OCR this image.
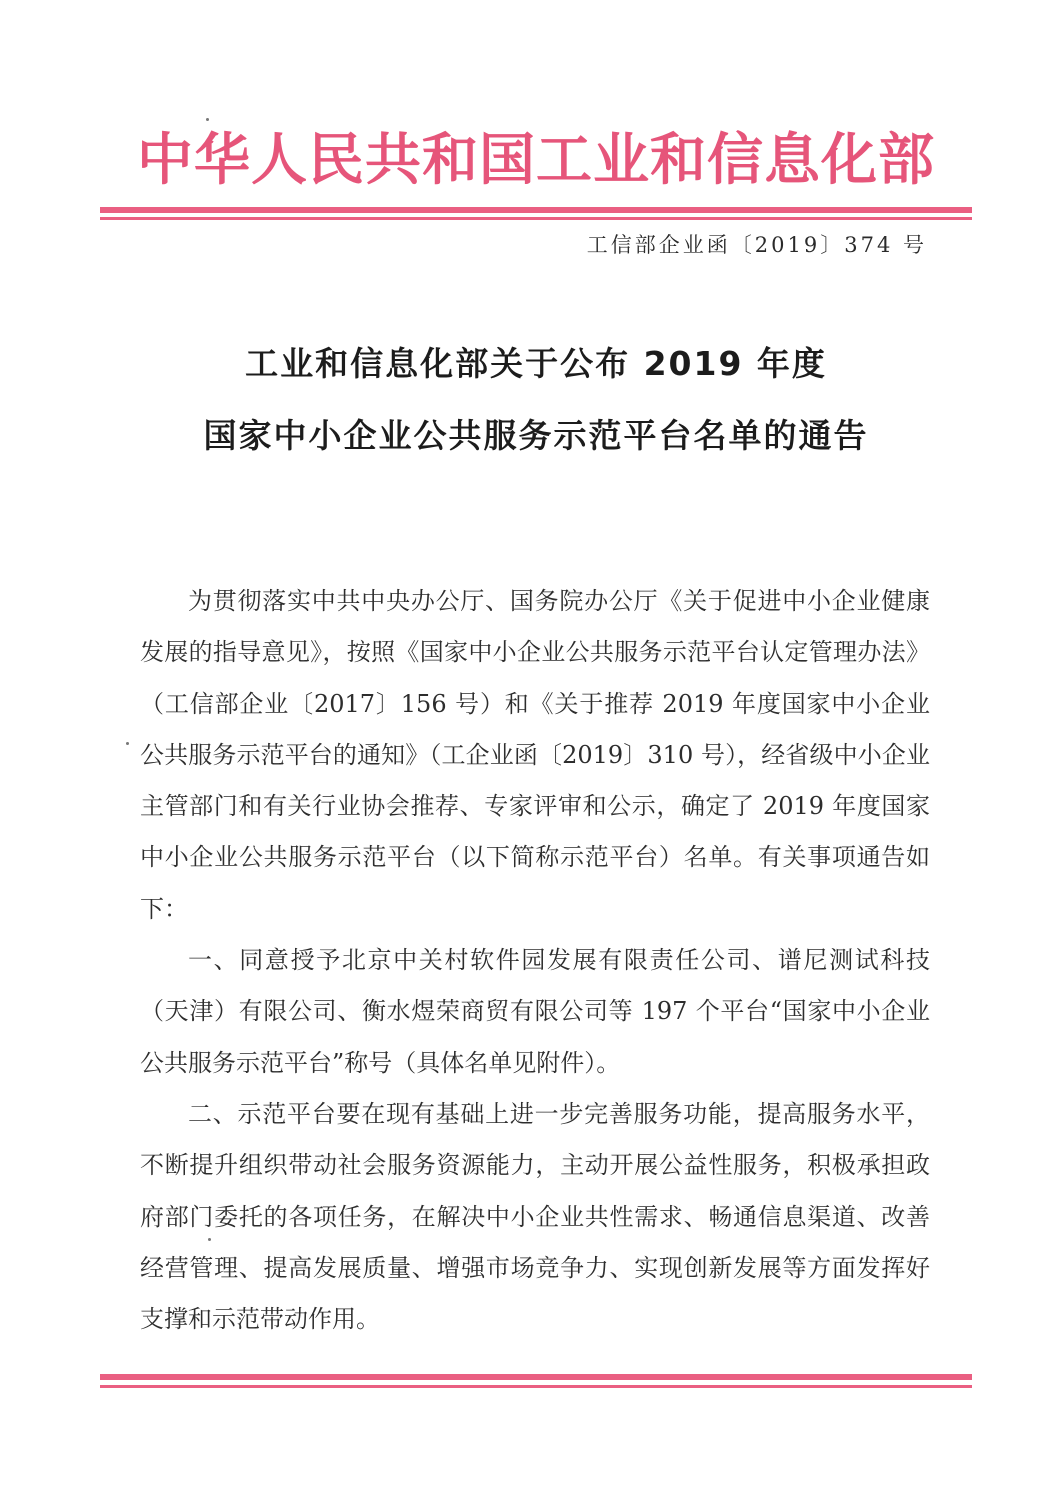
中华人民共和国工业和信息化部
工信部企业函〔2019〕374 号
工业和信息化部关于公布 2019 年度
国家中小企业公共服务示范平台名单的通告

为贯彻落实中共中央办公厅、国务院办公厅《关于促进中小企业健康发展的指导意见》，按照《国家中小企业公共服务示范平台认定管理办法》（工信部企业〔2017〕156 号）和《关于推荐 2019 年度国家中小企业公共服务示范平台的通知》（工企业函〔2019〕310 号），经省级中小企业主管部门和有关行业协会推荐、专家评审和公示，确定了 2019 年度国家中小企业公共服务示范平台（以下简称示范平台）名单。有关事项通告如下：

一、同意授予北京中关村软件园发展有限责任公司、谱尼测试科技（天津）有限公司、衡水煜荣商贸有限公司等 197 个平台“国家中小企业公共服务示范平台”称号（具体名单见附件）。

二、示范平台要在现有基础上进一步完善服务功能，提高服务水平，不断提升组织带动社会服务资源能力，主动开展公益性服务，积极承担政府部门委托的各项任务，在解决中小企业共性需求、畅通信息渠道、改善经营管理、提高发展质量、增强市场竞争力、实现创新发展等方面发挥好支撑和示范带动作用。
